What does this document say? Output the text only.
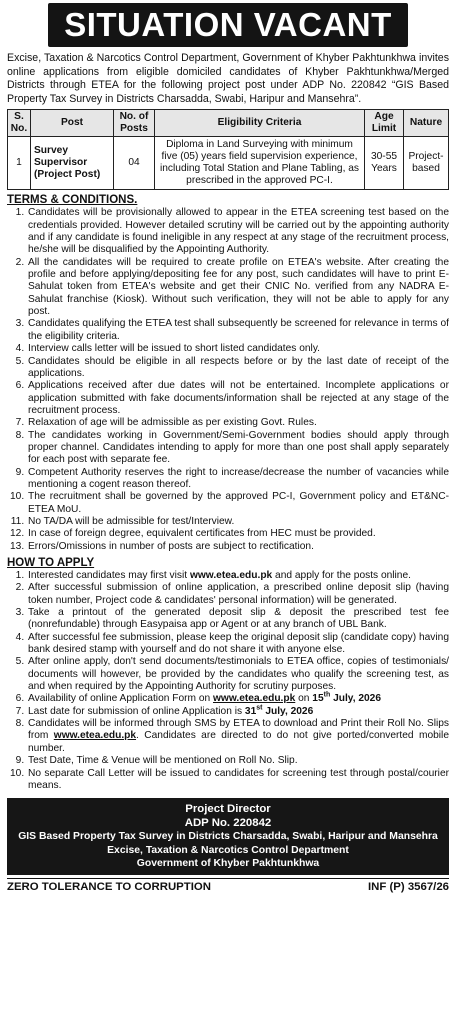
SITUATION VACANT
Excise, Taxation & Narcotics Control Department, Government of Khyber Pakhtunkhwa invites online applications from eligible domiciled candidates of Khyber Pakhtunkhwa/Merged Districts through ETEA for the following project post under ADP No. 220842 “GIS Based Property Tax Survey in Districts Charsadda, Swabi, Haripur and Mansehra”.
S. No.	Post	No. of Posts	Eligibility Criteria	Age Limit	Nature
1	Survey Supervisor (Project Post)	04	Diploma in Land Surveying with minimum five (05) years field supervision experience, including Total Station and Plane Tabling, as prescribed in the approved PC-I.	30-55 Years	Project-based
TERMS & CONDITIONS.
1. Candidates will be provisionally allowed to appear in the ETEA screening test based on the credentials provided. However detailed scrutiny will be carried out by the appointing authority and if any candidate is found ineligible in any respect at any stage of the recruitment process, he/she will be disqualified by the Appointing Authority.
2. All the candidates will be required to create profile on ETEA's website. After creating the profile and before applying/depositing fee for any post, such candidates will have to print E-Sahulat token from ETEA's website and get their CNIC No. verified from any NADRA E-Sahulat franchise (Kiosk). Without such verification, they will not be able to apply for any post.
3. Candidates qualifying the ETEA test shall subsequently be screened for relevance in terms of the eligibility criteria.
4. Interview calls letter will be issued to short listed candidates only.
5. Candidates should be eligible in all respects before or by the last date of receipt of the applications.
6. Applications received after due dates will not be entertained. Incomplete applications or application submitted with fake documents/information shall be rejected at any stage of the recruitment process.
7. Relaxation of age will be admissible as per existing Govt. Rules.
8. The candidates working in Government/Semi-Government bodies should apply through proper channel. Candidates intending to apply for more than one post shall apply separately for each post with separate fee.
9. Competent Authority reserves the right to increase/decrease the number of vacancies while mentioning a cogent reason thereof.
10. The recruitment shall be governed by the approved PC-I, Government policy and ET&NC-ETEA MoU.
11. No TA/DA will be admissible for test/Interview.
12. In case of foreign degree, equivalent certificates from HEC must be provided.
13. Errors/Omissions in number of posts are subject to rectification.
HOW TO APPLY
1. Interested candidates may first visit www.etea.edu.pk and apply for the posts online.
2. After successful submission of online application, a prescribed online deposit slip (having token number, Project code & candidates' personal information) will be generated.
3. Take a printout of the generated deposit slip & deposit the prescribed test fee (nonrefundable) through Easypaisa app or Agent or at any branch of UBL Bank.
4. After successful fee submission, please keep the original deposit slip (candidate copy) having bank desired stamp with yourself and do not share it with anyone else.
5. After online apply, don't send documents/testimonials to ETEA office, copies of testimonials/ documents will however, be provided by the candidates who qualify the screening test, as and when required by the Appointing Authority for scrutiny purposes.
6. Availability of online Application Form on www.etea.edu.pk on 15th July, 2026
7. Last date for submission of online Application is 31st July, 2026
8. Candidates will be informed through SMS by ETEA to download and Print their Roll No. Slips from www.etea.edu.pk. Candidates are directed to do not give ported/converted mobile number.
9. Test Date, Time & Venue will be mentioned on Roll No. Slip.
10. No separate Call Letter will be issued to candidates for screening test through postal/courier means.
Project Director
ADP No. 220842
GIS Based Property Tax Survey in Districts Charsadda, Swabi, Haripur and Mansehra
Excise, Taxation & Narcotics Control Department
Government of Khyber Pakhtunkhwa
ZERO TOLERANCE TO CORRUPTION	INF (P) 3567/26
